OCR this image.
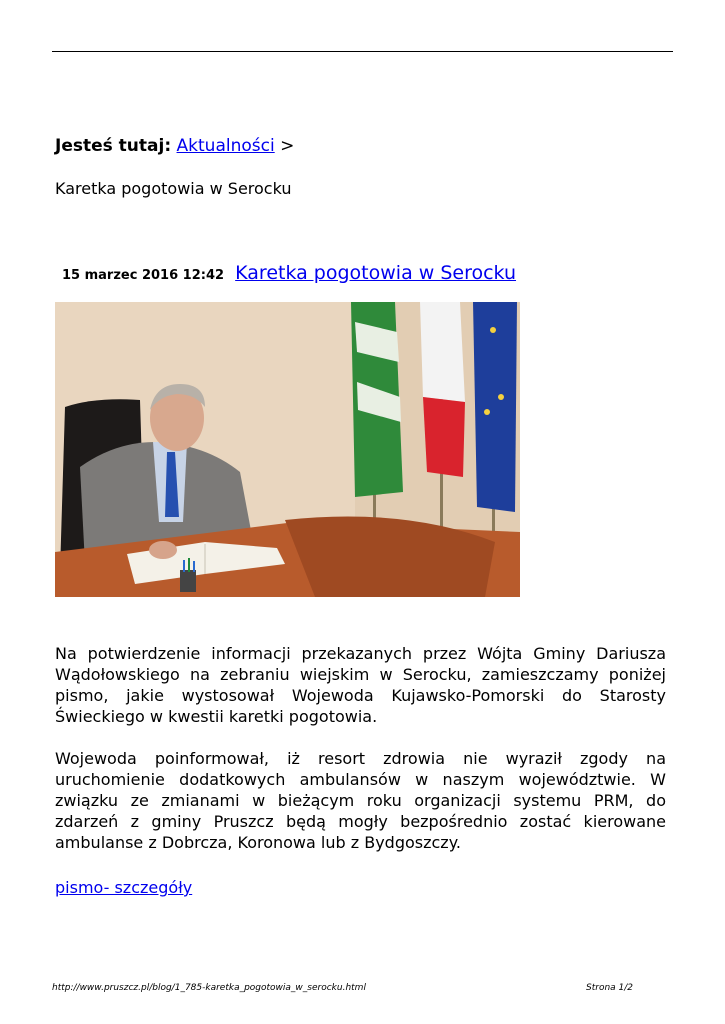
Jesteś tutaj: Aktualności >
Karetka pogotowia w Serocku
15 marzec 2016 12:42 Karetka pogotowia w Serocku

Na potwierdzenie informacji przekazanych przez Wójta Gminy Dariusza Wądołowskiego na zebraniu wiejskim w Serocku, zamieszczamy poniżej pismo, jakie wystosował Wojewoda Kujawsko-Pomorski do Starosty Świeckiego w kwestii karetki pogotowia.

Wojewoda poinformował, iż resort zdrowia nie wyraził zgody na uruchomienie dodatkowych ambulansów w naszym województwie. W związku ze zmianami w bieżącym roku organizacji systemu PRM, do zdarzeń z gminy Pruszcz będą mogły bezpośrednio zostać kierowane ambulanse z Dobrcza, Koronowa lub z Bydgoszczy.

pismo- szczegóły
http://www.pruszcz.pl/blog/1_785-karetka_pogotowia_w_serocku.html	Strona 1/2
